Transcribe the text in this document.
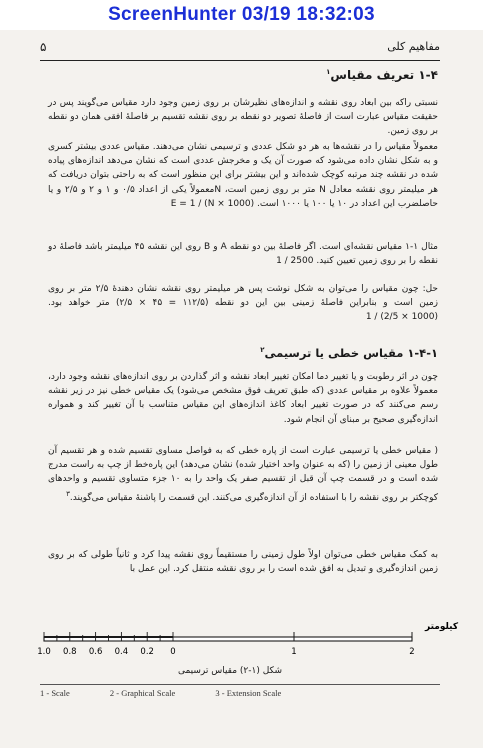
ScreenHunter 03/19 18:32:03
۵	مفاهیم کلی
۱-۴ تعریف مقیاس$^۱$
نسبتی راکه بین ابعاد روی نقشه و اندازه‌های نظیرشان بر روی زمین وجود دارد مقیاس می‌گویند پس در حقیقت مقیاس عبارت است از فاصلهٔ تصویر دو نقطه بر روی نقشه تقسیم بر فاصلهٔ افقی همان دو نقطه بر روی زمین.
معمولاً مقیاس را در نقشه‌ها به هر دو شکل عددی و ترسیمی نشان می‌دهند. مقیاس عددی بیشتر کسری و به شکل نشان داده می‌شود که صورت آن یک و مخرجش عددی است که نشان می‌دهد اندازه‌های پیاده شده در نقشه چند مرتبه کوچک شده‌اند و این بیشتر برای این منظور است که به راحتی بتوان دریافت که هر میلیمتر روی نقشه معادل N متر بر روی زمین است، Nمعمولاً یکی از اعداد ۰/۵ و ۱ و ۲ و ۲/۵ و یا حاصلضرب این اعداد در ۱۰ یا ۱۰۰ یا ۱۰۰۰ است. E = 1 / (N × 1000)
مثال ۱-۱ مقیاس نقشه‌ای است. اگر فاصلهٔ بین دو نقطه A و B روی این نقشه ۴۵ میلیمتر باشد فاصلهٔ دو نقطه را بر روی زمین تعیین کنید. 1 / 2500
حل: چون مقیاس را می‌توان به شکل نوشت پس هر میلیمتر روی نقشه نشان دهندهٔ ۲/۵ متر بر روی زمین است و بنابراین فاصلهٔ زمینی بین این دو نقطه (۱۱۲/۵ = ۴۵ × ۲/۵) متر خواهد بود. 1 / (2/5 × 1000)
۱-۴-۱ مقیاس خطی یا ترسیمی$^۲$
چون در اثر رطوبت و یا تغییر دما امکان تغییر ابعاد نقشه و اثر گذاردن بر روی اندازه‌های نقشه وجود دارد، معمولاً علاوه بر مقیاس عددی (که طبق تعریف فوق مشخص می‌شود) یک مقیاس خطی نیز در زیر نقشه رسم می‌کنند که در صورت تغییر ابعاد کاغذ اندازه‌های این مقیاس متناسب با آن تغییر کند و همواره اندازه‌گیری صحیح بر مبنای آن انجام شود.
( مقیاس خطی یا ترسیمی عبارت است از پاره خطی که به فواصل مساوی تقسیم شده و هر تقسیم آن طول معینی از زمین را (که به عنوان واحد اختیار شده) نشان می‌دهد) این پاره‌خط از چپ به راست مدرج شده است و در قسمت چپ آن قبل از تقسیم صفر یک واحد را به ۱۰ جزء متساوی تقسیم و واحدهای کوچکتر بر روی نقشه را با استفاده از آن اندازه‌گیری می‌کنند. این قسمت را پاشنهٔ مقیاس می‌گویند.$^۳$
به کمک مقیاس خطی می‌توان اولاً طول زمینی را مستقیماً روی نقشه پیدا کرد و ثانیاً طولی که بر روی زمین اندازه‌گیری و تبدیل به افق شده است را بر روی نقشه منتقل کرد. این عمل با
کیلومتر
1.0 0.8 0.6 0.4 0.2 0	1	2
شکل (۱-۲) مقیاس ترسیمی
1 - Scale	2 - Graphical Scale	3 - Extension Scale
